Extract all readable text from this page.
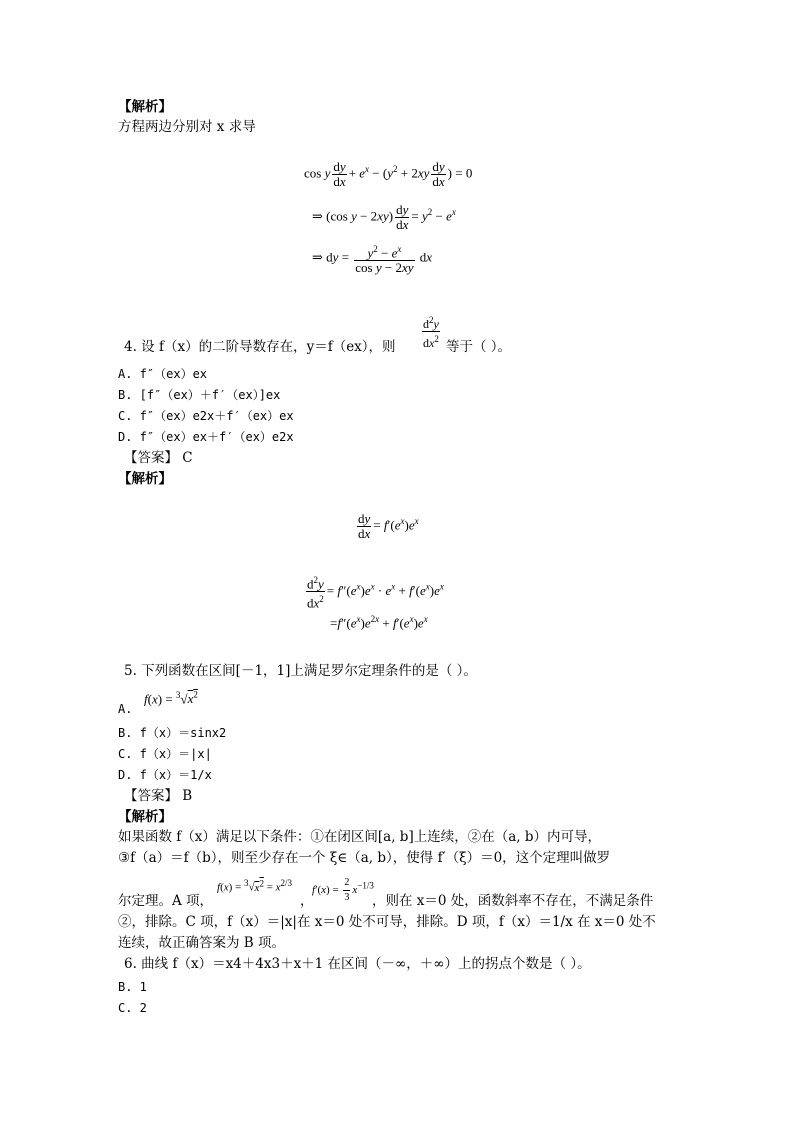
【解析】
方程两边分别对 x 求导
cos y $\frac{dy}{dx} + e^x - (y^2 + 2xy \frac{dy}{dx}$ ) = 0
⇒ (cos $y - 2xy) \frac{dy}{dx} = y^2 - e^x$
⇒ dy = $\frac{y^2 - e^x}{\text{cos y − 2xy}}$ dx
$\frac{d^2y}{dx^2}$
4. 设 f（x）的二阶导数存在，y＝f（ex），则	等于（ ）。
A. f″（ex）ex
B. [f″（ex）＋f′（ex）]ex
C. f″（ex）e2x＋f′（ex）ex
D. f″（ex）ex＋f′（ex）e2x
【答案】 C
【解析】
$\frac{dy}{dx} = f'(e^x)e^x$
$\frac{d^2y}{dx^2} = f''(e^x)e^x \cdot e^x + f'(e^x)e^x$
$=f''(e^x)e^{2x} + f'(e^x)e^x$
5. 下列函数在区间[－1，1]上满足罗尔定理条件的是（ ）。
A.
$f(x) = ^3√x^2$
B. f（x）＝sinx2
C. f（x）＝|x|
D. f（x）＝1/x
【答案】 B
【解析】
如果函数 f（x）满足以下条件：①在闭区间[a, b]上连续，②在（a, b）内可导，
③f（a）＝f（b），则至少存在一个 ξ∈（a, b），使得 f′（ξ）＝0，这个定理叫做罗
尔定理。A 项，
$f(x) = ^3√x^2 = x^{2/3}$
，
$f'(x) = \frac{2}{3} x^{-1/3}$
，则在 x＝0 处，函数斜率不存在，不满足条件
②，排除。C 项，f（x）＝|x|在 x＝0 处不可导，排除。D 项，f（x）＝1/x 在 x＝0 处不
连续，故正确答案为 B 项。
6. 曲线 f（x）＝x4＋4x3＋x＋1 在区间（－∞，＋∞）上的拐点个数是（ ）。
B. 1
C. 2
